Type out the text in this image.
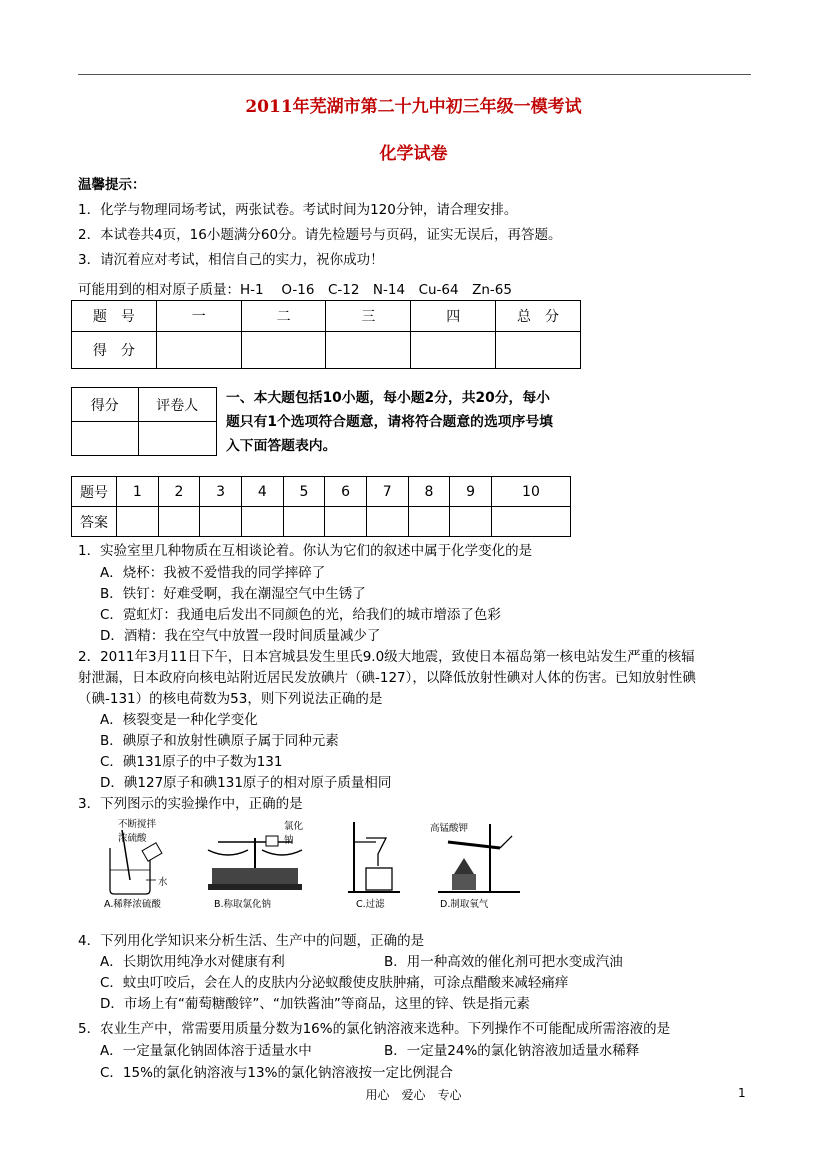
2011年芜湖市第二十九中初三年级一模考试
化学试卷
温馨提示：
1．化学与物理同场考试，两张试卷。考试时间为120分钟，请合理安排。
2．本试卷共4页，16小题满分60分。请先检题号与页码，证实无误后，再答题。
3．请沉着应对考试，相信自己的实力，祝你成功！
可能用到的相对原子质量：H-1　 O-16　C-12　N-14　Cu-64　Zn-65
题　号	一	二	三	四	总　分
得　分					
得分	评卷人
	一、本大题包括10小题，每小题2分，共20分，每小
题只有1个选项符合题意，请将符合题意的选项序号填
入下面答题表内。
题号	1	2	3	4	5	6	7	8	9	10
答案										
1．实验室里几种物质在互相谈论着。你认为它们的叙述中属于化学变化的是
A．烧杯：我被不爱惜我的同学摔碎了
B．铁钉：好难受啊，我在潮湿空气中生锈了
C．霓虹灯：我通电后发出不同颜色的光，给我们的城市增添了色彩
D．酒精：我在空气中放置一段时间质量减少了
2．2011年3月11日下午，日本宫城县发生里氏9.0级大地震，致使日本福岛第一核电站发生严重的核辐
射泄漏，日本政府向核电站附近居民发放碘片（碘-127），以降低放射性碘对人体的伤害。已知放射性碘
（碘-131）的核电荷数为53，则下列说法正确的是
A．核裂变是一种化学变化
B．碘原子和放射性碘原子属于同种元素
C．碘131原子的中子数为131
D．碘127原子和碘131原子的相对原子质量相同
3．下列图示的实验操作中，正确的是
不断搅拌
浓硫酸
水
A.稀释浓硫酸
氯化钠
B.称取氯化钠	C.过滤
高锰酸钾
D.制取氧气
4．下列用化学知识来分析生活、生产中的问题，正确的是
A．长期饮用纯净水对健康有利	B．用一种高效的催化剂可把水变成汽油
C．蚊虫叮咬后，会在人的皮肤内分泌蚁酸使皮肤肿痛，可涂点醋酸来减轻痛痒
D．市场上有“葡萄糖酸锌”、“加铁酱油”等商品，这里的锌、铁是指元素
5．农业生产中，常需要用质量分数为16%的氯化钠溶液来选种。下列操作不可能配成所需溶液的是
A．一定量氯化钠固体溶于适量水中	B．一定量24%的氯化钠溶液加适量水稀释
C．15%的氯化钠溶液与13%的氯化钠溶液按一定比例混合
用心　爱心　专心	1
